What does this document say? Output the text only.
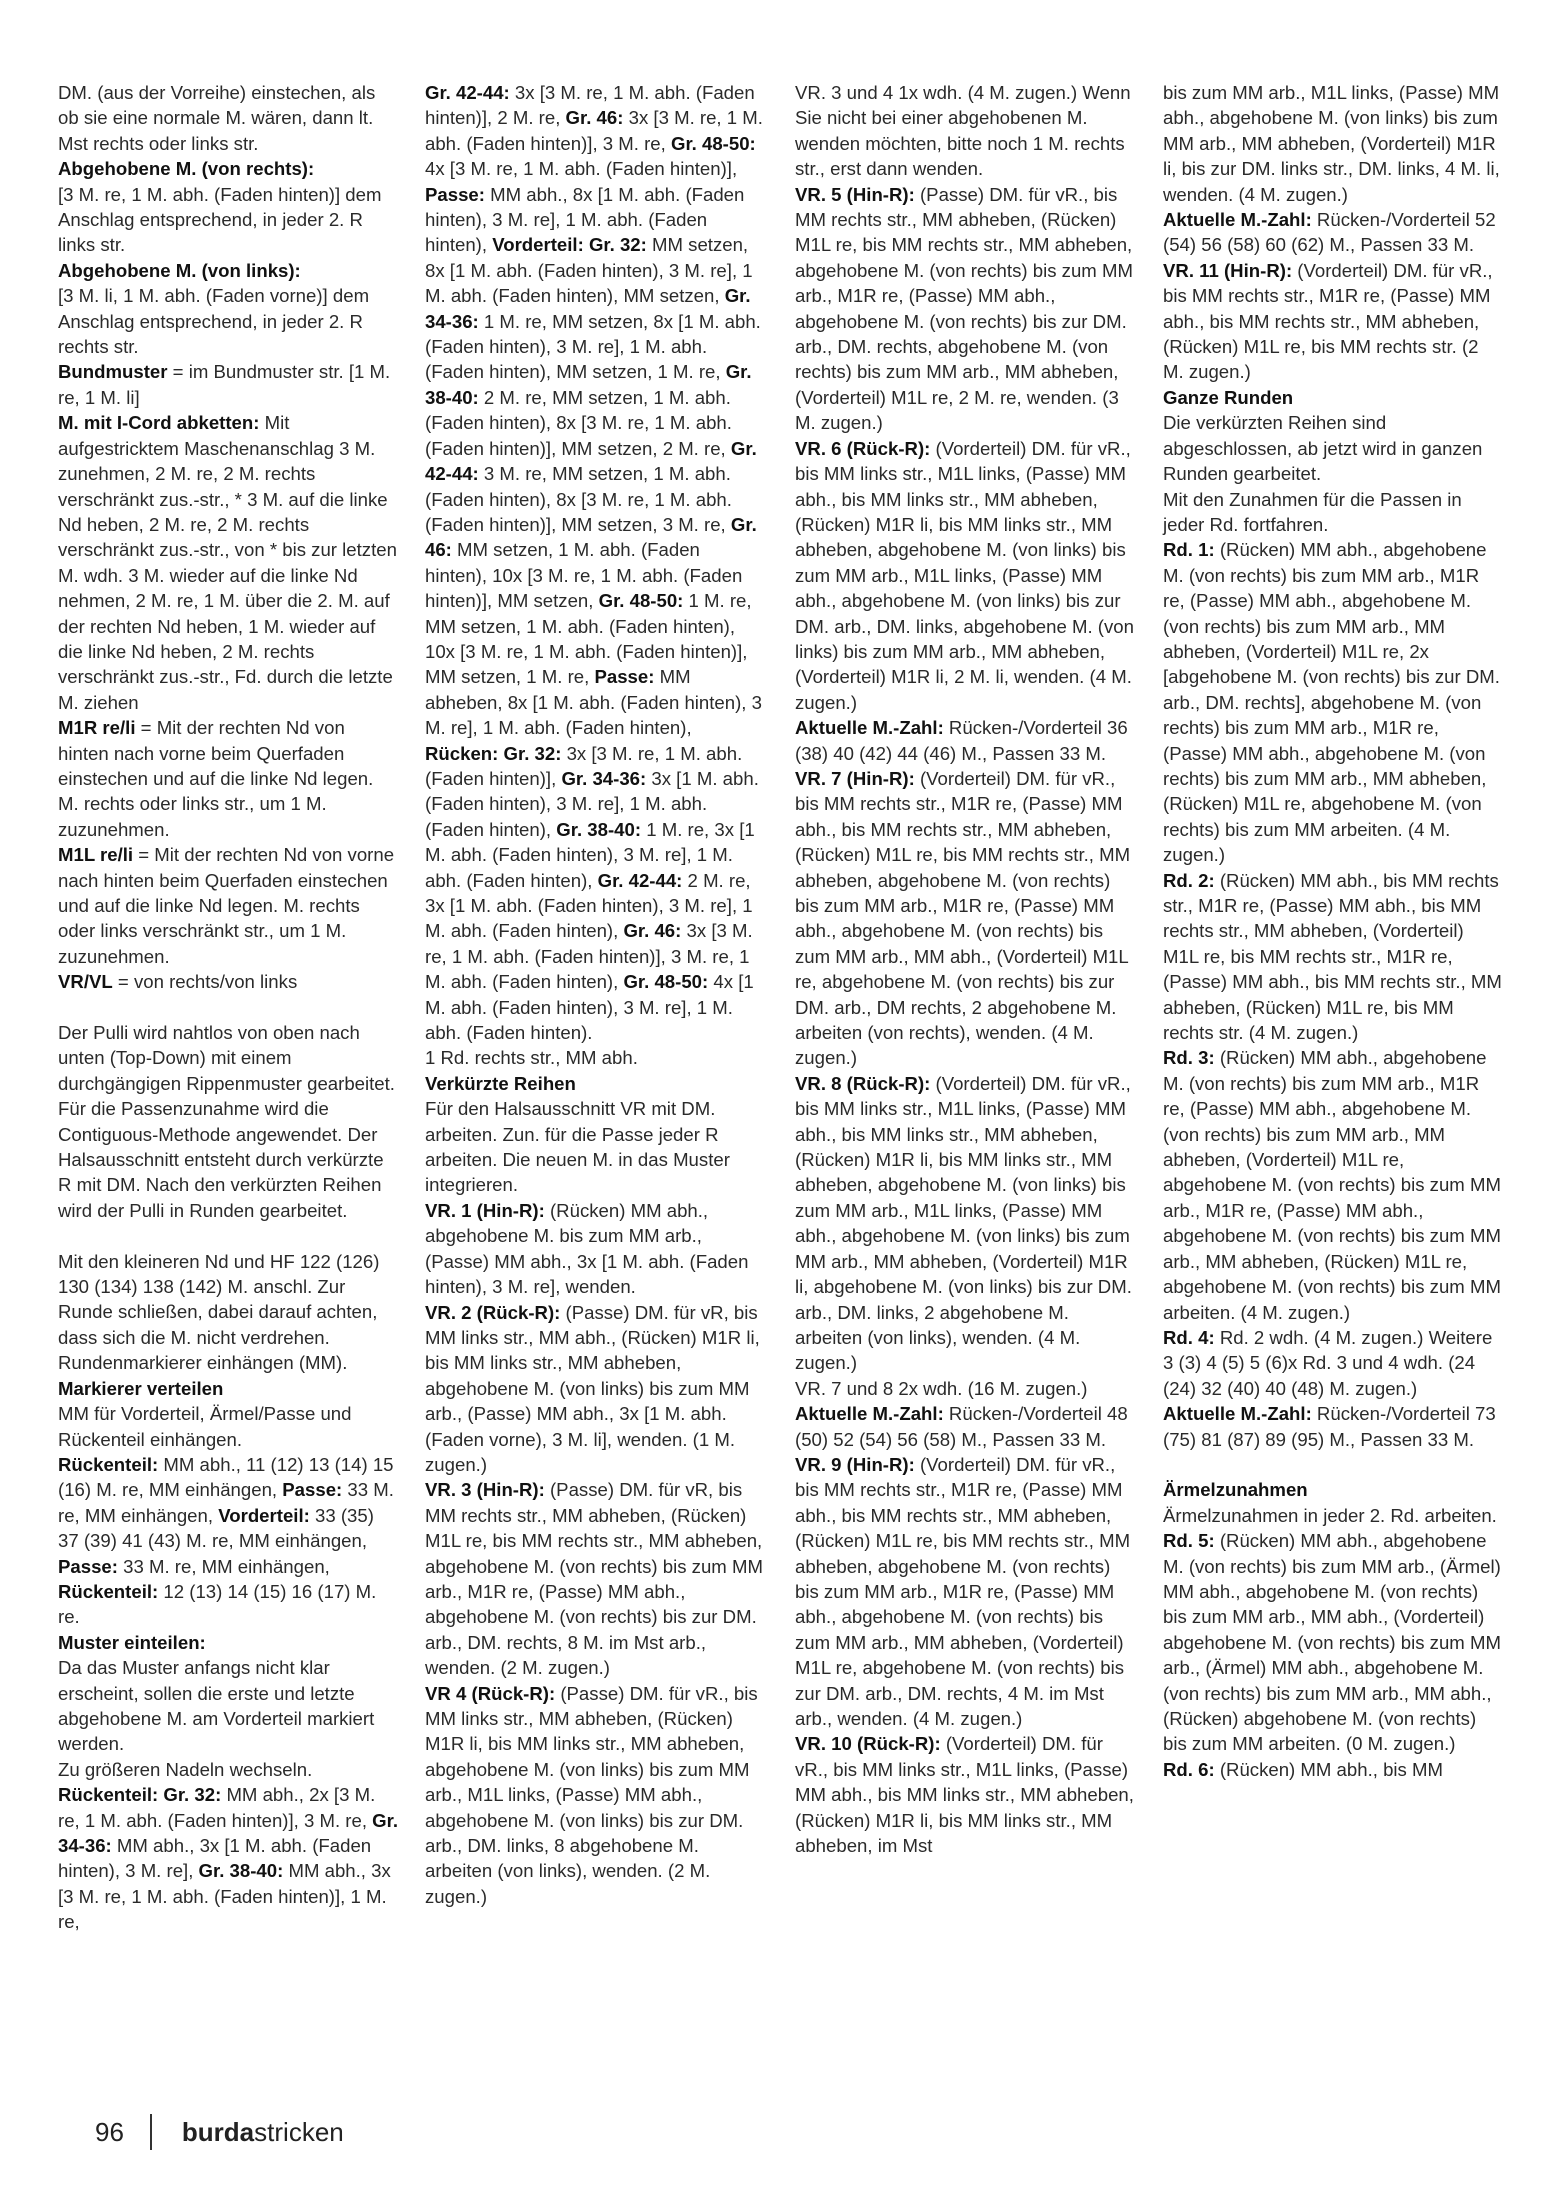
DM. (aus der Vorreihe) einstechen, als ob sie eine normale M. wären, dann lt. Mst rechts oder links str.

Abgehobene M. (von rechts):

[3 M. re, 1 M. abh. (Faden hinten)] dem Anschlag entsprechend, in jeder 2. R links str.

Abgehobene M. (von links):

[3 M. li, 1 M. abh. (Faden vorne)] dem Anschlag entsprechend, in jeder 2. R rechts str.

Bundmuster = im Bundmuster str. [1 M. re, 1 M. li]

M. mit I-Cord abketten: Mit aufgestricktem Maschenanschlag 3 M. zunehmen, 2 M. re, 2 M. rechts verschränkt zus.-str., * 3 M. auf die linke Nd heben, 2 M. re, 2 M. rechts verschränkt zus.-str., von * bis zur letzten M. wdh. 3 M. wieder auf die linke Nd nehmen, 2 M. re, 1 M. über die 2. M. auf der rechten Nd heben, 1 M. wieder auf die linke Nd heben, 2 M. rechts verschränkt zus.-str., Fd. durch die letzte M. ziehen

M1R re/li = Mit der rechten Nd von hinten nach vorne beim Querfaden einstechen und auf die linke Nd legen. M. rechts oder links str., um 1 M. zuzunehmen.

M1L re/li = Mit der rechten Nd von vorne nach hinten beim Querfaden einstechen und auf die linke Nd legen. M. rechts oder links verschränkt str., um 1 M. zuzunehmen.

VR/VL = von rechts/von links

Der Pulli wird nahtlos von oben nach unten (Top-Down) mit einem durchgängigen Rippenmuster gearbeitet. Für die Passenzunahme wird die Contiguous-Methode angewendet. Der Halsausschnitt entsteht durch verkürzte R mit DM. Nach den verkürzten Reihen wird der Pulli in Runden gearbeitet.

Mit den kleineren Nd und HF 122 (126) 130 (134) 138 (142) M. anschl. Zur Runde schließen, dabei darauf achten, dass sich die M. nicht verdrehen. Rundenmarkierer einhängen (MM).

Markierer verteilen

MM für Vorderteil, Ärmel/Passe und Rückenteil einhängen.

Rückenteil: MM abh., 11 (12) 13 (14) 15 (16) M. re, MM einhängen, Passe: 33 M. re, MM einhängen, Vorderteil: 33 (35) 37 (39) 41 (43) M. re, MM einhängen, Passe: 33 M. re, MM einhängen, Rückenteil: 12 (13) 14 (15) 16 (17) M. re.

Muster einteilen:

Da das Muster anfangs nicht klar erscheint, sollen die erste und letzte abgehobene M. am Vorderteil markiert werden.

Zu größeren Nadeln wechseln.

Rückenteil: Gr. 32: MM abh., 2x [3 M. re, 1 M. abh. (Faden hinten)], 3 M. re, Gr. 34-36: MM abh., 3x [1 M. abh. (Faden hinten), 3 M. re], Gr. 38-40: MM abh., 3x [3 M. re, 1 M. abh. (Faden hinten)], 1 M. re,

Gr. 42-44: 3x [3 M. re, 1 M. abh. (Faden hinten)], 2 M. re, Gr. 46: 3x [3 M. re, 1 M. abh. (Faden hinten)], 3 M. re, Gr. 48-50: 4x [3 M. re, 1 M. abh. (Faden hinten)], Passe: MM abh., 8x [1 M. abh. (Faden hinten), 3 M. re], 1 M. abh. (Faden hinten), Vorderteil: Gr. 32: MM setzen, 8x [1 M. abh. (Faden hinten), 3 M. re], 1 M. abh. (Faden hinten), MM setzen, Gr. 34-36: 1 M. re, MM setzen, 8x [1 M. abh. (Faden hinten), 3 M. re], 1 M. abh. (Faden hinten), MM setzen, 1 M. re, Gr. 38-40: 2 M. re, MM setzen, 1 M. abh. (Faden hinten), 8x [3 M. re, 1 M. abh. (Faden hinten)], MM setzen, 2 M. re, Gr. 42-44: 3 M. re, MM setzen, 1 M. abh. (Faden hinten), 8x [3 M. re, 1 M. abh. (Faden hinten)], MM setzen, 3 M. re, Gr. 46: MM setzen, 1 M. abh. (Faden hinten), 10x [3 M. re, 1 M. abh. (Faden hinten)], MM setzen, Gr. 48-50: 1 M. re, MM setzen, 1 M. abh. (Faden hinten), 10x [3 M. re, 1 M. abh. (Faden hinten)], MM setzen, 1 M. re, Passe: MM abheben, 8x [1 M. abh. (Faden hinten), 3 M. re], 1 M. abh. (Faden hinten), Rücken: Gr. 32: 3x [3 M. re, 1 M. abh. (Faden hinten)], Gr. 34-36: 3x [1 M. abh. (Faden hinten), 3 M. re], 1 M. abh. (Faden hinten), Gr. 38-40: 1 M. re, 3x [1 M. abh. (Faden hinten), 3 M. re], 1 M. abh. (Faden hinten), Gr. 42-44: 2 M. re, 3x [1 M. abh. (Faden hinten), 3 M. re], 1 M. abh. (Faden hinten), Gr. 46: 3x [3 M. re, 1 M. abh. (Faden hinten)], 3 M. re, 1 M. abh. (Faden hinten), Gr. 48-50: 4x [1 M. abh. (Faden hinten), 3 M. re], 1 M. abh. (Faden hinten).

1 Rd. rechts str., MM abh.

Verkürzte Reihen

Für den Halsausschnitt VR mit DM. arbeiten. Zun. für die Passe jeder R arbeiten. Die neuen M. in das Muster integrieren.

VR. 1 (Hin-R): (Rücken) MM abh., abgehobene M. bis zum MM arb., (Passe) MM abh., 3x [1 M. abh. (Faden hinten), 3 M. re], wenden.

VR. 2 (Rück-R): (Passe) DM. für vR, bis MM links str., MM abh., (Rücken) M1R li, bis MM links str., MM abheben, abgehobene M. (von links) bis zum MM arb., (Passe) MM abh., 3x [1 M. abh. (Faden vorne), 3 M. li], wenden. (1 M. zugen.)

VR. 3 (Hin-R): (Passe) DM. für vR, bis MM rechts str., MM abheben, (Rücken) M1L re, bis MM rechts str., MM abheben, abgehobene M. (von rechts) bis zum MM arb., M1R re, (Passe) MM abh., abgehobene M. (von rechts) bis zur DM. arb., DM. rechts, 8 M. im Mst arb., wenden. (2 M. zugen.)

VR 4 (Rück-R): (Passe) DM. für vR., bis MM links str., MM abheben, (Rücken) M1R li, bis MM links str., MM abheben, abgehobene M. (von links) bis zum MM arb., M1L links, (Passe) MM abh., abgehobene M. (von links) bis zur DM. arb., DM. links, 8 abgehobene M. arbeiten (von links), wenden. (2 M. zugen.)

VR. 3 und 4 1x wdh. (4 M. zugen.) Wenn Sie nicht bei einer abgehobenen M. wenden möchten, bitte noch 1 M. rechts str., erst dann wenden.

VR. 5 (Hin-R): (Passe) DM. für vR., bis MM rechts str., MM abheben, (Rücken) M1L re, bis MM rechts str., MM abheben, abgehobene M. (von rechts) bis zum MM arb., M1R re, (Passe) MM abh., abgehobene M. (von rechts) bis zur DM. arb., DM. rechts, abgehobene M. (von rechts) bis zum MM arb., MM abheben, (Vorderteil) M1L re, 2 M. re, wenden. (3 M. zugen.)

VR. 6 (Rück-R): (Vorderteil) DM. für vR., bis MM links str., M1L links, (Passe) MM abh., bis MM links str., MM abheben, (Rücken) M1R li, bis MM links str., MM abheben, abgehobene M. (von links) bis zum MM arb., M1L links, (Passe) MM abh., abgehobene M. (von links) bis zur DM. arb., DM. links, abgehobene M. (von links) bis zum MM arb., MM abheben, (Vorderteil) M1R li, 2 M. li, wenden. (4 M. zugen.)

Aktuelle M.-Zahl: Rücken-/Vorderteil 36 (38) 40 (42) 44 (46) M., Passen 33 M.

VR. 7 (Hin-R): (Vorderteil) DM. für vR., bis MM rechts str., M1R re, (Passe) MM abh., bis MM rechts str., MM abheben, (Rücken) M1L re, bis MM rechts str., MM abheben, abgehobene M. (von rechts) bis zum MM arb., M1R re, (Passe) MM abh., abgehobene M. (von rechts) bis zum MM arb., MM abh., (Vorderteil) M1L re, abgehobene M. (von rechts) bis zur DM. arb., DM rechts, 2 abgehobene M. arbeiten (von rechts), wenden. (4 M. zugen.)

VR. 8 (Rück-R): (Vorderteil) DM. für vR., bis MM links str., M1L links, (Passe) MM abh., bis MM links str., MM abheben, (Rücken) M1R li, bis MM links str., MM abheben, abgehobene M. (von links) bis zum MM arb., M1L links, (Passe) MM abh., abgehobene M. (von links) bis zum MM arb., MM abheben, (Vorderteil) M1R li, abgehobene M. (von links) bis zur DM. arb., DM. links, 2 abgehobene M. arbeiten (von links), wenden. (4 M. zugen.)

VR. 7 und 8 2x wdh. (16 M. zugen.)

Aktuelle M.-Zahl: Rücken-/Vorderteil 48 (50) 52 (54) 56 (58) M., Passen 33 M.

VR. 9 (Hin-R): (Vorderteil) DM. für vR., bis MM rechts str., M1R re, (Passe) MM abh., bis MM rechts str., MM abheben, (Rücken) M1L re, bis MM rechts str., MM abheben, abgehobene M. (von rechts) bis zum MM arb., M1R re, (Passe) MM abh., abgehobene M. (von rechts) bis zum MM arb., MM abheben, (Vorderteil) M1L re, abgehobene M. (von rechts) bis zur DM. arb., DM. rechts, 4 M. im Mst arb., wenden. (4 M. zugen.)

VR. 10 (Rück-R): (Vorderteil) DM. für vR., bis MM links str., M1L links, (Passe) MM abh., bis MM links str., MM abheben, (Rücken) M1R li, bis MM links str., MM abheben, im Mst

bis zum MM arb., M1L links, (Passe) MM abh., abgehobene M. (von links) bis zum MM arb., MM abheben, (Vorderteil) M1R li, bis zur DM. links str., DM. links, 4 M. li, wenden. (4 M. zugen.)

Aktuelle M.-Zahl: Rücken-/Vorderteil 52 (54) 56 (58) 60 (62) M., Passen 33 M.

VR. 11 (Hin-R): (Vorderteil) DM. für vR., bis MM rechts str., M1R re, (Passe) MM abh., bis MM rechts str., MM abheben, (Rücken) M1L re, bis MM rechts str. (2 M. zugen.)

Ganze Runden

Die verkürzten Reihen sind abgeschlossen, ab jetzt wird in ganzen Runden gearbeitet.

Mit den Zunahmen für die Passen in jeder Rd. fortfahren.

Rd. 1: (Rücken) MM abh., abgehobene M. (von rechts) bis zum MM arb., M1R re, (Passe) MM abh., abgehobene M. (von rechts) bis zum MM arb., MM abheben, (Vorderteil) M1L re, 2x [abgehobene M. (von rechts) bis zur DM. arb., DM. rechts], abgehobene M. (von rechts) bis zum MM arb., M1R re, (Passe) MM abh., abgehobene M. (von rechts) bis zum MM arb., MM abheben, (Rücken) M1L re, abgehobene M. (von rechts) bis zum MM arbeiten. (4 M. zugen.)

Rd. 2: (Rücken) MM abh., bis MM rechts str., M1R re, (Passe) MM abh., bis MM rechts str., MM abheben, (Vorderteil) M1L re, bis MM rechts str., M1R re, (Passe) MM abh., bis MM rechts str., MM abheben, (Rücken) M1L re, bis MM rechts str. (4 M. zugen.)

Rd. 3: (Rücken) MM abh., abgehobene M. (von rechts) bis zum MM arb., M1R re, (Passe) MM abh., abgehobene M. (von rechts) bis zum MM arb., MM abheben, (Vorderteil) M1L re, abgehobene M. (von rechts) bis zum MM arb., M1R re, (Passe) MM abh., abgehobene M. (von rechts) bis zum MM arb., MM abheben, (Rücken) M1L re, abgehobene M. (von rechts) bis zum MM arbeiten. (4 M. zugen.)

Rd. 4: Rd. 2 wdh. (4 M. zugen.) Weitere 3 (3) 4 (5) 5 (6)x Rd. 3 und 4 wdh. (24 (24) 32 (40) 40 (48) M. zugen.)

Aktuelle M.-Zahl: Rücken-/Vorderteil 73 (75) 81 (87) 89 (95) M., Passen 33 M.

Ärmelzunahmen

Ärmelzunahmen in jeder 2. Rd. arbeiten.

Rd. 5: (Rücken) MM abh., abgehobene M. (von rechts) bis zum MM arb., (Ärmel) MM abh., abgehobene M. (von rechts) bis zum MM arb., MM abh., (Vorderteil) abgehobene M. (von rechts) bis zum MM arb., (Ärmel) MM abh., abgehobene M. (von rechts) bis zum MM arb., MM abh., (Rücken) abgehobene M. (von rechts) bis zum MM arbeiten. (0 M. zugen.)

Rd. 6: (Rücken) MM abh., bis MM

96 burdastricken
